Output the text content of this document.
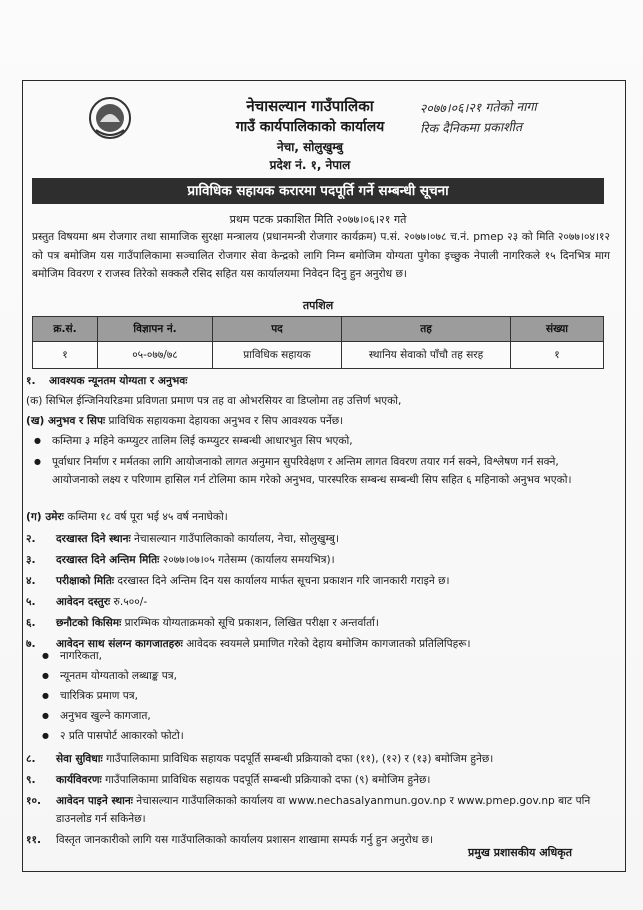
नेचासल्यान गाउँपालिका
गाउँ कार्यपालिकाको कार्यालय
नेचा, सोलुखुम्बु
प्रदेश नं. १, नेपाल
२०७७।०६।२१ गतेको नागा
रिक दैनिकमा प्रकाशीत
प्राविधिक सहायक करारमा पदपूर्ति गर्ने सम्बन्धी सूचना
प्रथम पटक प्रकाशित मिति २०७७।०६।२१ गते
प्रस्तुत विषयमा श्रम रोजगार तथा सामाजिक सुरक्षा मन्त्रालय (प्रधानमन्त्री रोजगार कार्यक्रम) प.सं. २०७७।०७८ च.नं. pmep २३ को मिति २०७७।०४।१२ को पत्र बमोजिम यस गाउँपालिकामा सञ्चालित रोजगार सेवा केन्द्रको लागि निम्न बमोजिम योग्यता पुगेका इच्छुक नेपाली नागरिकले १५ दिनभित्र माग बमोजिम विवरण र राजस्व तिरेको सक्कलै रसिद सहित यस कार्यालयमा निवेदन दिनु हुन अनुरोध छ।
तपशिल
क्र.सं.	विज्ञापन नं.	पद	तह	संख्या
१	०५-०७७/७८	प्राविधिक सहायक	स्थानिय सेवाको पाँचौ तह सरह	१
१. आवश्यक न्यूनतम योग्यता र अनुभवः
(क) सिभिल ईन्जिनियरिङमा प्रविणता प्रमाण पत्र तह वा ओभरसियर वा डिप्लोमा तह उत्तिर्ण भएको,
(ख) अनुभव र सिपः प्राविधिक सहायकमा देहायका अनुभव र सिप आवश्यक पर्नेछ।
● कम्तिमा ३ महिने कम्प्युटर तालिम लिई कम्प्युटर सम्बन्धी आधारभुत सिप भएको,
● पूर्वाधार निर्माण र मर्मतका लागि आयोजनाको लागत अनुमान सुपरिवेक्षण र अन्तिम लागत विवरण तयार गर्न सक्ने, विश्लेषण गर्न सक्ने, आयोजनाको लक्ष्य र परिणाम हासिल गर्न टोलिमा काम गरेको अनुभव, पारस्परिक सम्बन्ध सम्बन्धी सिप सहित ६ महिनाको अनुभव भएको।
(ग) उमेरः कम्तिमा १८ वर्ष पूरा भई ४५ वर्ष ननाघेको।
२.	दरखास्त दिने स्थानः नेचासल्यान गाउँपालिकाको कार्यालय, नेचा, सोलुखुम्बु।
३.	दरखास्त दिने अन्तिम मितिः २०७७।०७।०५ गतेसम्म (कार्यालय समयभित्र)।
४.	परीक्षाको मितिः दरखास्त दिने अन्तिम दिन यस कार्यालय मार्फत सूचना प्रकाशन गरि जानकारी गराइने छ।
५.	आवेदन दस्तुरः रु.५००/-
६.	छनौटको किसिमः प्रारम्भिक योग्यताक्रमको सूचि प्रकाशन, लिखित परीक्षा र अन्तर्वार्ता।
७.	आवेदन साथ संलग्न कागजातहरुः आवेदक स्वयमले प्रमाणित गरेको देहाय बमोजिम कागजातको प्रतिलिपिहरू।
● नागरिकता,
● न्यूनतम योग्यताको लब्धाङ्क पत्र,
● चारित्रिक प्रमाण पत्र,
● अनुभव खुल्ने कागजात,
● २ प्रति पासपोर्ट आकारको फोटो।
८.	सेवा सुविधाः गाउँपालिकामा प्राविधिक सहायक पदपूर्ति सम्बन्धी प्रक्रियाको दफा (११), (१२) र (१३) बमोजिम हुनेछ।
९.	कार्यविवरणः गाउँपालिकामा प्राविधिक सहायक पदपूर्ति सम्बन्धी प्रक्रियाको दफा (९) बमोजिम हुनेछ।
१०.	आवेदन पाइने स्थानः नेचासल्यान गाउँपालिकाको कार्यालय वा www.nechasalyanmun.gov.np र www.pmep.gov.np बाट पनि डाउनलोड गर्न सकिनेछ।
११.	विस्तृत जानकारीको लागि यस गाउँपालिकाको कार्यालय प्रशासन शाखामा सम्पर्क गर्नु हुन अनुरोध छ।
प्रमुख प्रशासकीय अधिकृत
